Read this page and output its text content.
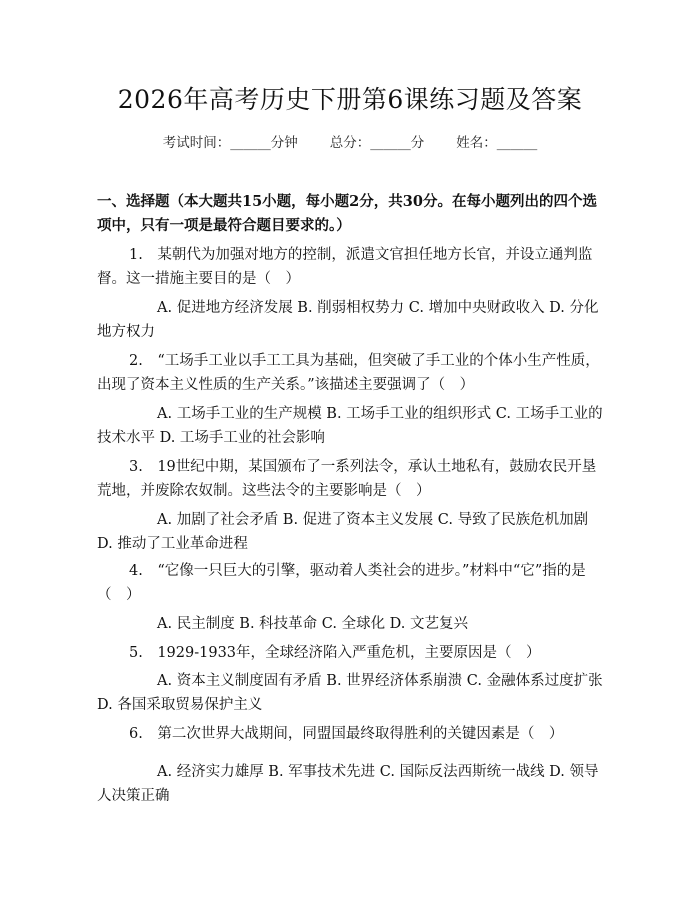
2026年高考历史下册第6课练习题及答案
考试时间：______分钟 总分：______分 姓名：______
一、选择题（本大题共15小题，每小题2分，共30分。在每小题列出的四个选项中，只有一项是最符合题目要求的。）
1.　某朝代为加强对地方的控制，派遣文官担任地方长官，并设立通判监督。这一措施主要目的是（　）
A. 促进地方经济发展 B. 削弱相权势力 C. 增加中央财政收入 D. 分化地方权力
2.　“工场手工业以手工工具为基础，但突破了手工业的个体小生产性质，出现了资本主义性质的生产关系。”该描述主要强调了（　）
A. 工场手工业的生产规模 B. 工场手工业的组织形式 C. 工场手工业的技术水平 D. 工场手工业的社会影响
3.　19世纪中期，某国颁布了一系列法令，承认土地私有，鼓励农民开垦荒地，并废除农奴制。这些法令的主要影响是（　）
A. 加剧了社会矛盾 B. 促进了资本主义发展 C. 导致了民族危机加剧 D. 推动了工业革命进程
4.　“它像一只巨大的引擎，驱动着人类社会的进步。”材料中“它”指的是（　）
A. 民主制度 B. 科技革命 C. 全球化 D. 文艺复兴
5.　1929-1933年，全球经济陷入严重危机，主要原因是（　）
A. 资本主义制度固有矛盾 B. 世界经济体系崩溃 C. 金融体系过度扩张 D. 各国采取贸易保护主义
6.　第二次世界大战期间，同盟国最终取得胜利的关键因素是（　）
A. 经济实力雄厚 B. 军事技术先进 C. 国际反法西斯统一战线 D. 领导人决策正确
